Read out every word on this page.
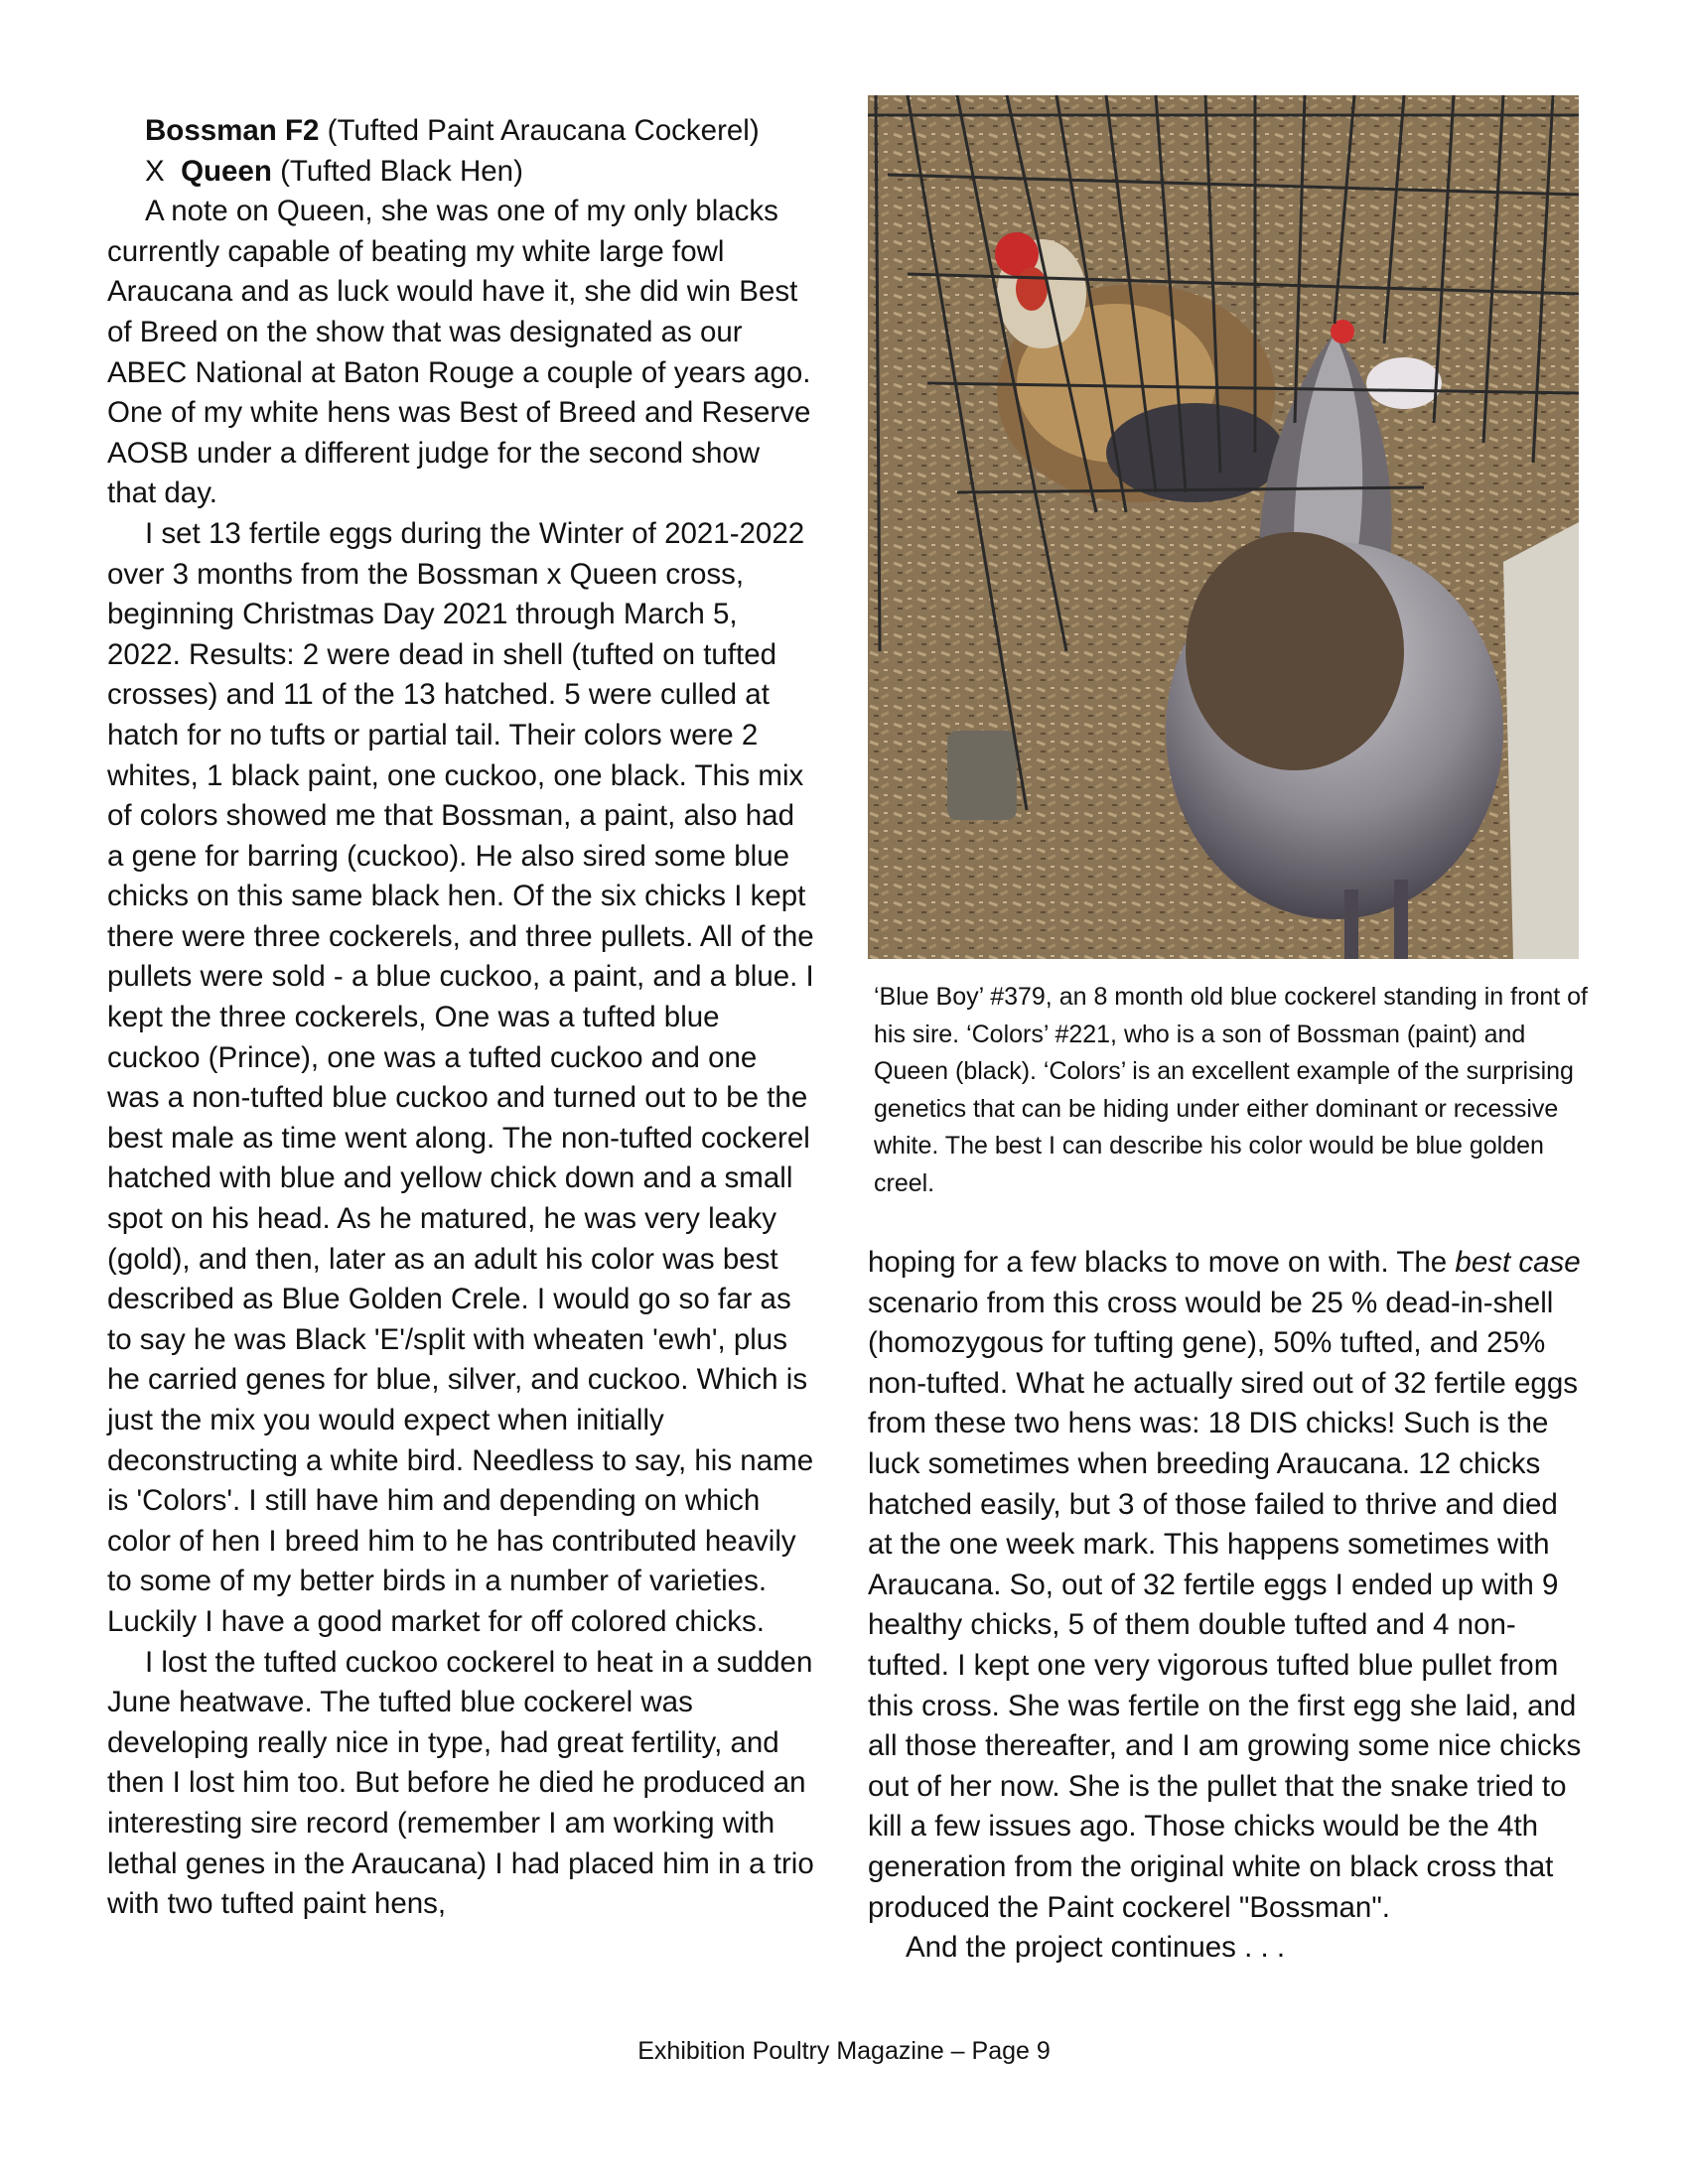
Bossman F2 (Tufted Paint Araucana Cockerel)

X  Queen (Tufted Black Hen)

A note on Queen, she was one of my only blacks currently capable of beating my white large fowl Araucana and as luck would have it, she did win Best of Breed on the show that was designated as our ABEC National at Baton Rouge a couple of years ago. One of my white hens was Best of Breed and Reserve AOSB under a different judge for the second show that day.

I set 13 fertile eggs during the Winter of 2021-2022 over 3 months from the Bossman x Queen cross, beginning Christmas Day 2021 through March 5, 2022. Results: 2 were dead in shell (tufted on tufted crosses) and 11 of the 13 hatched. 5 were culled at hatch for no tufts or partial tail. Their colors were 2 whites, 1 black paint, one cuckoo, one black. This mix of colors showed me that Bossman, a paint, also had a gene for barring (cuckoo). He also sired some blue chicks on this same black hen. Of the six chicks I kept there were three cockerels, and three pullets. All of the pullets were sold - a blue cuckoo, a paint, and a blue. I kept the three cockerels, One was a tufted blue cuckoo (Prince), one was a tufted cuckoo and one was a non-tufted blue cuckoo and turned out to be the best male as time went along. The non-tufted cockerel hatched with blue and yellow chick down and a small spot on his head. As he matured, he was very leaky (gold), and then, later as an adult his color was best described as Blue Golden Crele. I would go so far as to say he was Black 'E'/split with wheaten 'ewh', plus he carried genes for blue, silver, and cuckoo. Which is just the mix you would expect when initially deconstructing a white bird. Needless to say, his name is 'Colors'. I still have him and depending on which color of hen I breed him to he has contributed heavily to some of my better birds in a number of varieties. Luckily I have a good market for off colored chicks.

I lost the tufted cuckoo cockerel to heat in a sudden June heatwave. The tufted blue cockerel was developing really nice in type, had great fertility, and then I lost him too. But before he died he produced an interesting sire record (remember I am working with lethal genes in the Araucana) I had placed him in a trio with two tufted paint hens,

‘Blue Boy’ #379, an 8 month old blue cockerel standing in front of his sire. ‘Colors’ #221, who is a son of Bossman (paint) and Queen (black). ‘Colors’ is an excellent example of the surprising genetics that can be hiding under either dominant or recessive white. The best I can describe his color would be blue golden creel.

hoping for a few blacks to move on with. The best case scenario from this cross would be 25 % dead-in-shell (homozygous for tufting gene), 50% tufted, and 25% non-tufted. What he actually sired out of 32 fertile eggs from these two hens was: 18 DIS chicks! Such is the luck sometimes when breeding Araucana. 12 chicks hatched easily, but 3 of those failed to thrive and died at the one week mark. This happens sometimes with Araucana. So, out of 32 fertile eggs I ended up with 9 healthy chicks, 5 of them double tufted and 4 non-tufted. I kept one very vigorous tufted blue pullet from this cross. She was fertile on the first egg she laid, and all those thereafter, and I am growing some nice chicks out of her now. She is the pullet that the snake tried to kill a few issues ago. Those chicks would be the 4th generation from the original white on black cross that produced the Paint cockerel "Bossman".

And the project continues . . .

Exhibition Poultry Magazine – Page 9
